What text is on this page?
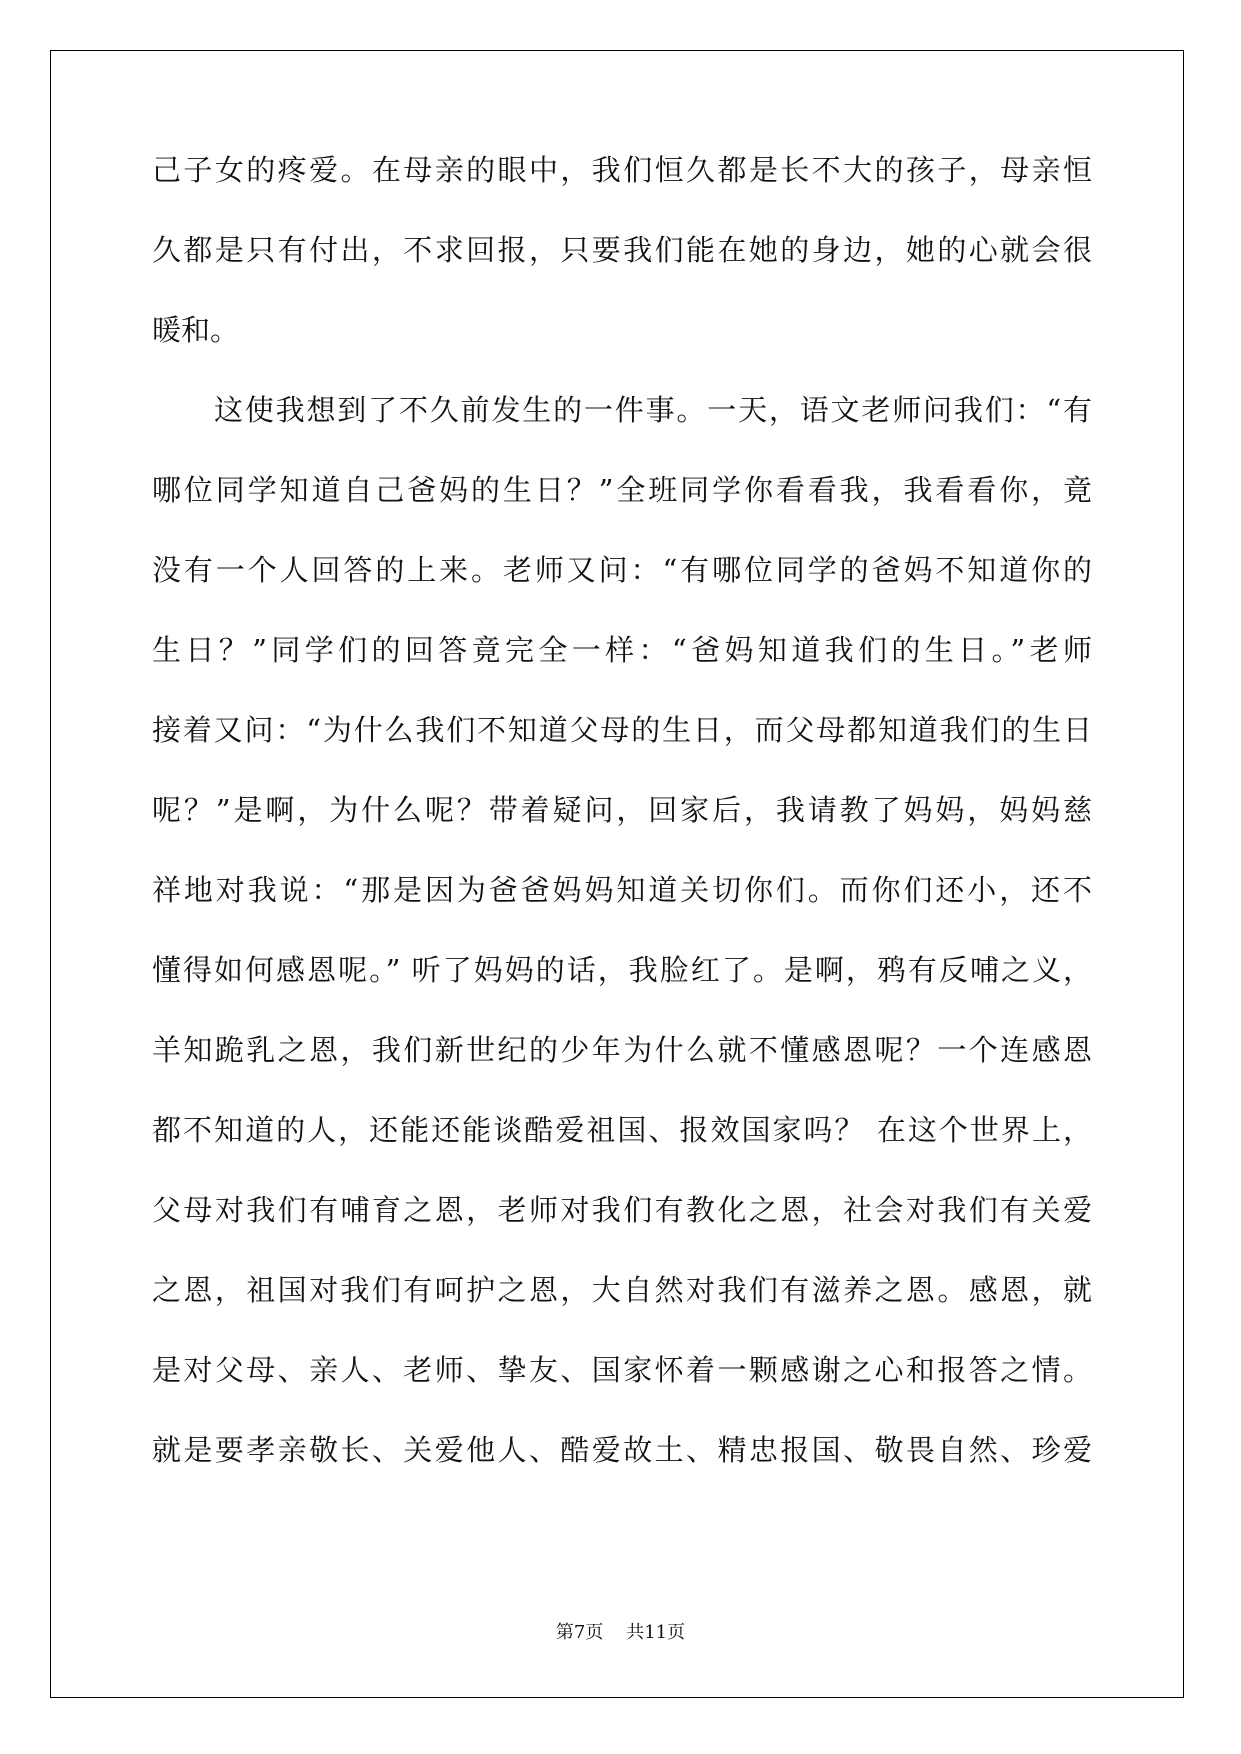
己子女的疼爱。在母亲的眼中，我们恒久都是长不大的孩子，母亲恒
久都是只有付出，不求回报，只要我们能在她的身边，她的心就会很
暖和。
这使我想到了不久前发生的一件事。一天，语文老师问我们：“有
哪位同学知道自己爸妈的生日？”全班同学你看看我，我看看你，竟
没有一个人回答的上来。老师又问：“有哪位同学的爸妈不知道你的
生日？”同学们的回答竟完全一样：“爸妈知道我们的生日。”老师
接着又问：“为什么我们不知道父母的生日，而父母都知道我们的生日
呢？”是啊，为什么呢？带着疑问，回家后，我请教了妈妈，妈妈慈
祥地对我说：“那是因为爸爸妈妈知道关切你们。而你们还小，还不
懂得如何感恩呢。” 听了妈妈的话，我脸红了。是啊，鸦有反哺之义，
羊知跪乳之恩，我们新世纪的少年为什么就不懂感恩呢？一个连感恩
都不知道的人，还能还能谈酷爱祖国、报效国家吗？ 在这个世界上，
父母对我们有哺育之恩，老师对我们有教化之恩，社会对我们有关爱
之恩，祖国对我们有呵护之恩，大自然对我们有滋养之恩。感恩，就
是对父母、亲人、老师、挚友、国家怀着一颗感谢之心和报答之情。
就是要孝亲敬长、关爱他人、酷爱故土、精忠报国、敬畏自然、珍爱
第7页 共11页
